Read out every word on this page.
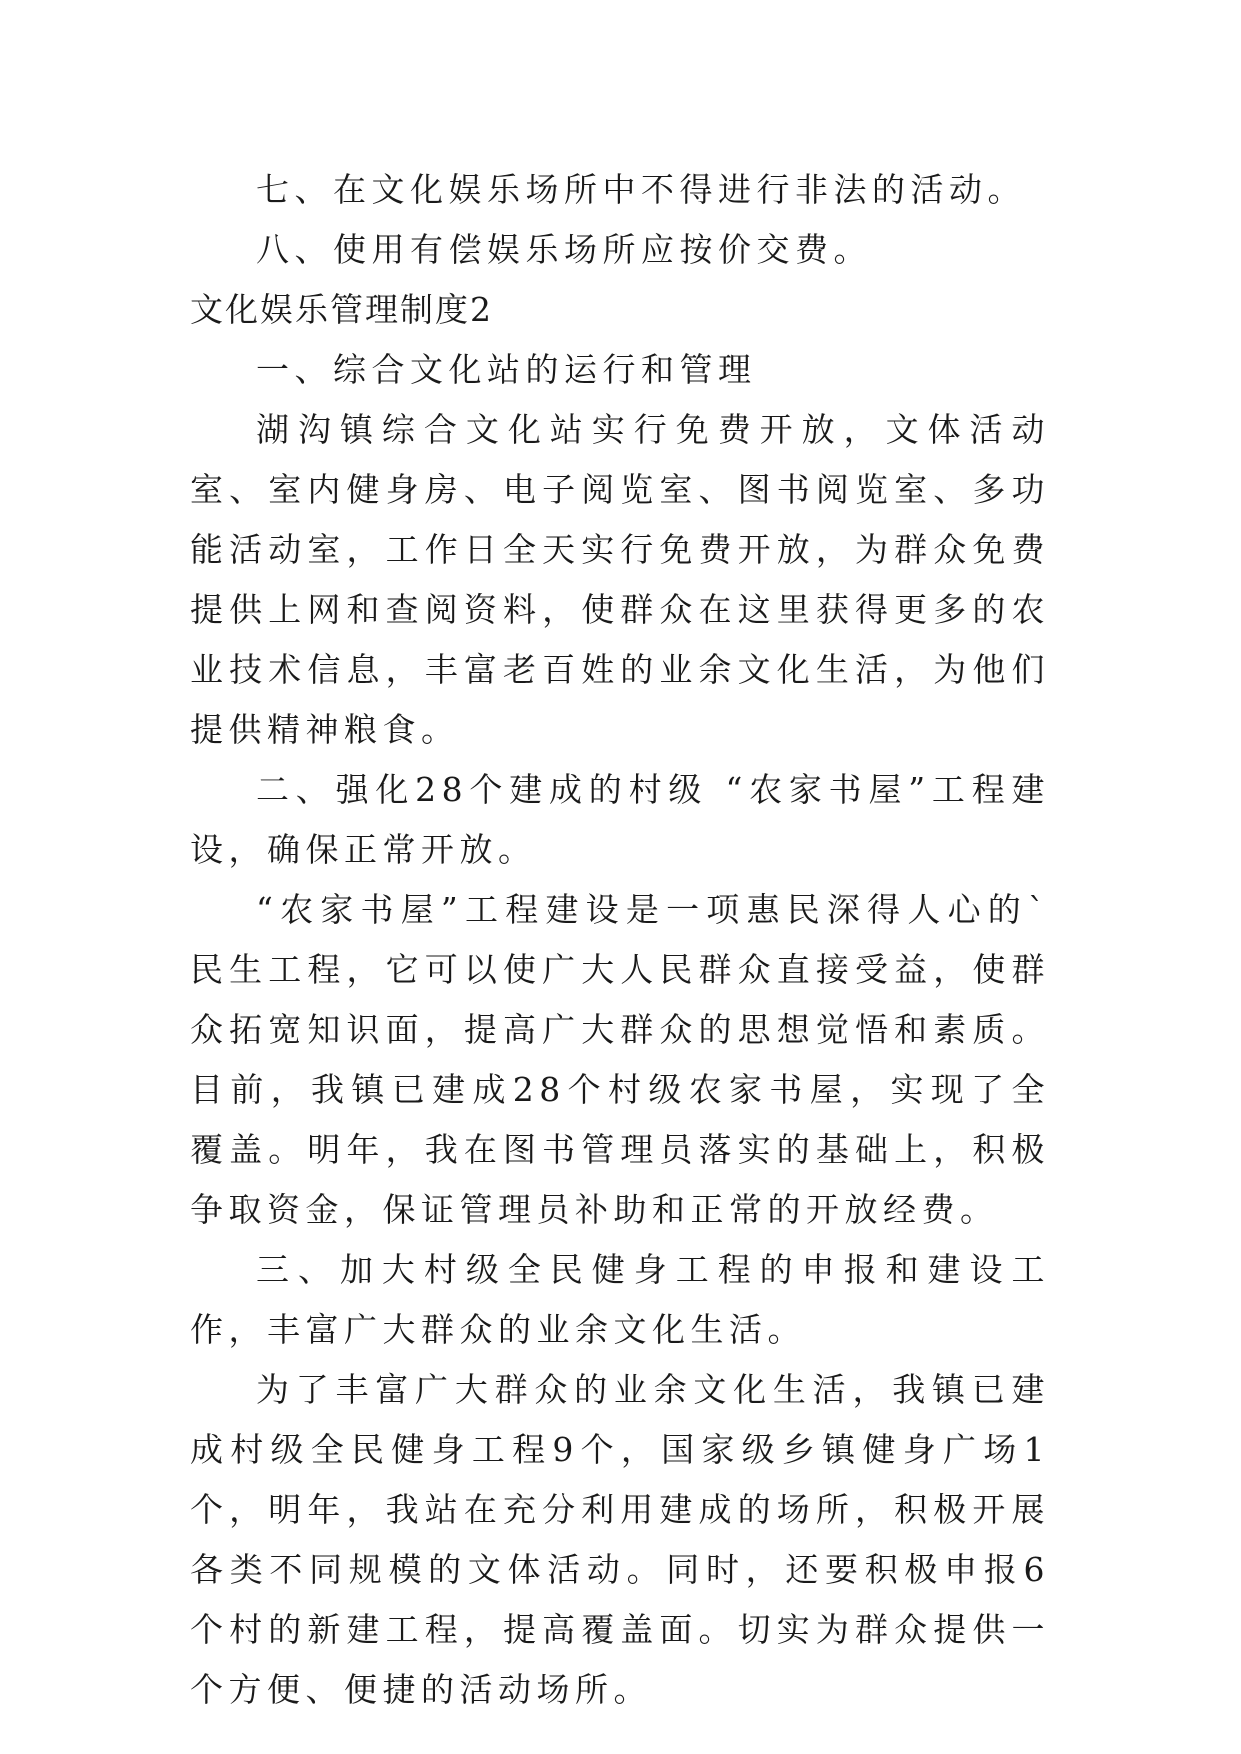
七、在文化娱乐场所中不得进行非法的活动。

八、使用有偿娱乐场所应按价交费。

文化娱乐管理制度2

一、综合文化站的运行和管理

湖沟镇综合文化站实行免费开放，文体活动室、室内健身房、电子阅览室、图书阅览室、多功能活动室，工作日全天实行免费开放，为群众免费提供上网和查阅资料，使群众在这里获得更多的农业技术信息，丰富老百姓的业余文化生活，为他们提供精神粮食。

二、强化28个建成的村级 “农家书屋”工程建设，确保正常开放。

“农家书屋”工程建设是一项惠民深得人心的`民生工程，它可以使广大人民群众直接受益，使群众拓宽知识面，提高广大群众的思想觉悟和素质。目前，我镇已建成28个村级农家书屋，实现了全覆盖。明年，我在图书管理员落实的基础上，积极争取资金，保证管理员补助和正常的开放经费。

三、加大村级全民健身工程的申报和建设工作，丰富广大群众的业余文化生活。

为了丰富广大群众的业余文化生活，我镇已建成村级全民健身工程9个，国家级乡镇健身广场1个，明年，我站在充分利用建成的场所，积极开展各类不同规模的文体活动。同时，还要积极申报6个村的新建工程，提高覆盖面。切实为群众提供一个方便、便捷的活动场所。
